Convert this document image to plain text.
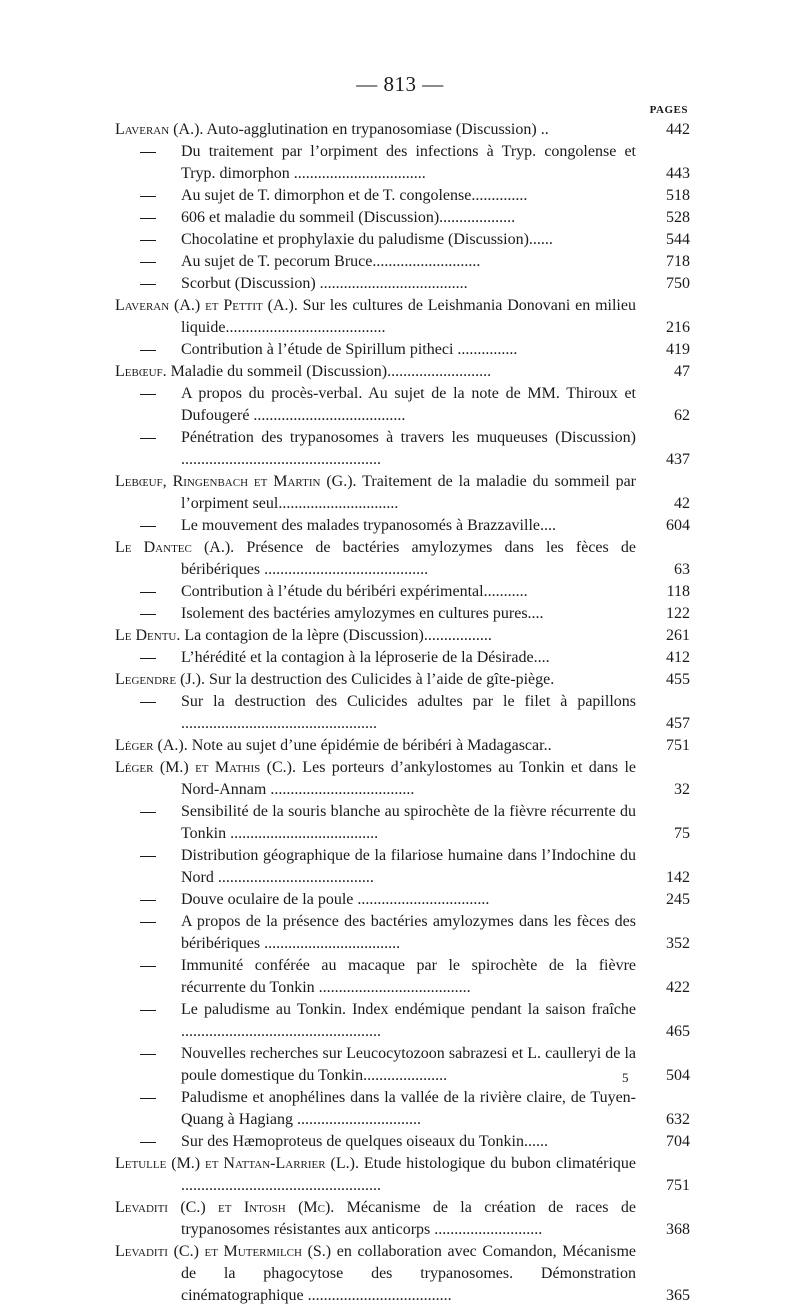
— 813 —
PAGES
Laveran (A.). Auto-agglutination en trypanosomiase (Discussion) ..	442
Du traitement par l’orpiment des infections à Tryp. congolense et Tryp. dimorphon .................................	443
Au sujet de T. dimorphon et de T. congolense..............	518
606 et maladie du sommeil (Discussion)...................	528
Chocolatine et prophylaxie du paludisme (Discussion)......	544
Au sujet de T. pecorum Bruce...........................	718
Scorbut (Discussion) .....................................	750
Laveran (A.) et Pettit (A.). Sur les cultures de Leishmania Donovani en milieu liquide........................................	216
Contribution à l’étude de Spirillum pitheci ...............	419
Lebœuf. Maladie du sommeil (Discussion)..........................	47
A propos du procès-verbal. Au sujet de la note de MM. Thiroux et Dufougeré ......................................	62
Pénétration des trypanosomes à travers les muqueuses (Discussion) ..................................................	437
Lebœuf, Ringenbach et Martin (G.). Traitement de la maladie du sommeil par l’orpiment seul..............................	42
Le mouvement des malades trypanosomés à Brazzaville....	604
Le Dantec (A.). Présence de bactéries amylozymes dans les fèces de béribériques .........................................	63
Contribution à l’étude du béribéri expérimental...........	118
Isolement des bactéries amylozymes en cultures pures....	122
Le Dentu. La contagion de la lèpre (Discussion).................	261
L’hérédité et la contagion à la léproserie de la Désirade....	412
Legendre (J.). Sur la destruction des Culicides à l’aide de gîte-piège.	455
Sur la destruction des Culicides adultes par le filet à papillons .................................................	457
Léger (A.). Note au sujet d’une épidémie de béribéri à Madagascar..	751
Léger (M.) et Mathis (C.). Les porteurs d’ankylostomes au Tonkin et dans le Nord-Annam ....................................	32
Sensibilité de la souris blanche au spirochète de la fièvre récurrente du Tonkin .....................................	75
Distribution géographique de la filariose humaine dans l’Indochine du Nord .......................................	142
Douve oculaire de la poule .................................	245
A propos de la présence des bactéries amylozymes dans les fèces des béribériques ..................................	352
Immunité conférée au macaque par le spirochète de la fièvre récurrente du Tonkin ......................................	422
Le paludisme au Tonkin. Index endémique pendant la saison fraîche ..................................................	465
Nouvelles recherches sur Leucocytozoon sabrazesi et L. caulleryi de la poule domestique du Tonkin.....................	504
Paludisme et anophélines dans la vallée de la rivière claire, de Tuyen-Quang à Hagiang ...............................	632
Sur des Hæmoproteus de quelques oiseaux du Tonkin......	704
Letulle (M.) et Nattan-Larrier (L.). Etude histologique du bubon climatérique ..................................................	751
Levaditi (C.) et Intosh (Mc). Mécanisme de la création de races de trypanosomes résistantes aux anticorps ...........................	368
Levaditi (C.) et Mutermilch (S.) en collaboration avec Comandon, Mécanisme de la phagocytose des trypanosomes. Démonstration cinématographique ....................................	365
5
